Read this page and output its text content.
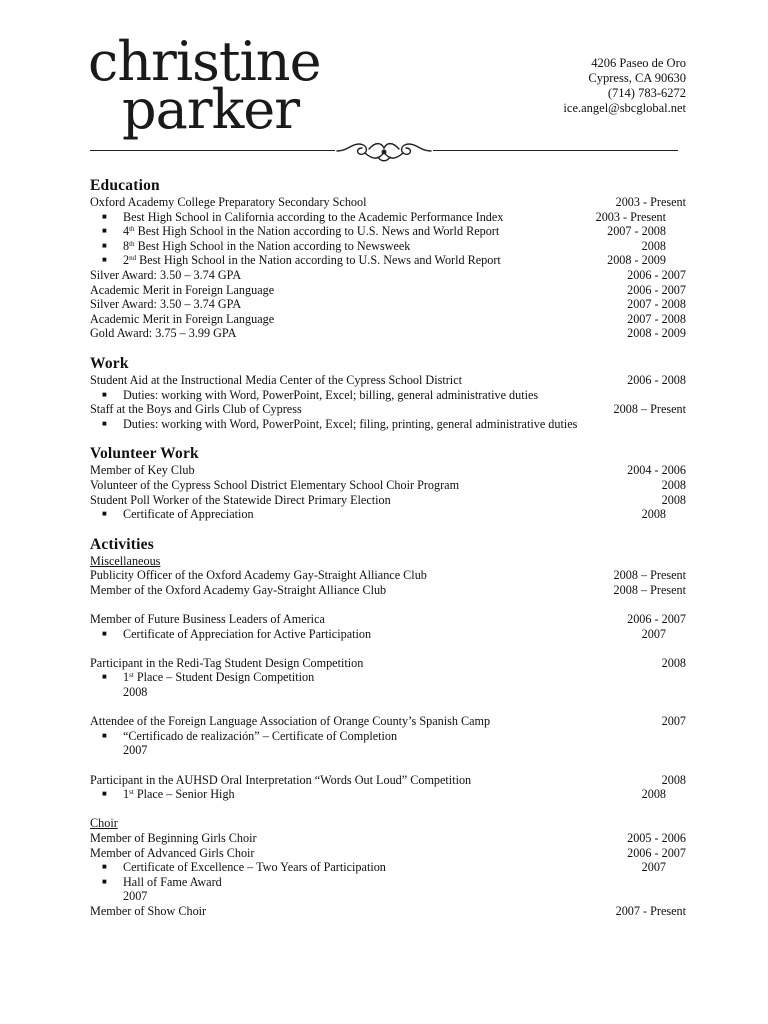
christine
parker
4206 Paseo de Oro
Cypress, CA 90630
(714) 783-6272
ice.angel@sbcglobal.net
Education
Oxford Academy College Preparatory Secondary School	2003 - Present
■ Best High School in California according to the Academic Performance Index	2003 - Present
■ 4th Best High School in the Nation according to U.S. News and World Report	2007 - 2008
■ 8th Best High School in the Nation according to Newsweek	2008
■ 2nd Best High School in the Nation according to U.S. News and World Report	2008 - 2009
Silver Award: 3.50 – 3.74 GPA	2006 - 2007
Academic Merit in Foreign Language	2006 - 2007
Silver Award: 3.50 – 3.74 GPA	2007 - 2008
Academic Merit in Foreign Language	2007 - 2008
Gold Award: 3.75 – 3.99 GPA	2008 - 2009
Work
Student Aid at the Instructional Media Center of the Cypress School District	2006 - 2008
■ Duties: working with Word, PowerPoint, Excel; billing, general administrative duties
Staff at the Boys and Girls Club of Cypress	2008 – Present
■ Duties: working with Word, PowerPoint, Excel; filing, printing, general administrative duties
Volunteer Work
Member of Key Club	2004 - 2006
Volunteer of the Cypress School District Elementary School Choir Program	2008
Student Poll Worker of the Statewide Direct Primary Election	2008
■ Certificate of Appreciation	2008
Activities
Miscellaneous
Publicity Officer of the Oxford Academy Gay-Straight Alliance Club	2008 – Present
Member of the Oxford Academy Gay-Straight Alliance Club	2008 – Present
Member of Future Business Leaders of America	2006 - 2007
■ Certificate of Appreciation for Active Participation	2007
Participant in the Redi-Tag Student Design Competition	2008
■ 1st Place – Student Design Competition
2008
Attendee of the Foreign Language Association of Orange County’s Spanish Camp	2007
■ “Certificado de realización” – Certificate of Completion
2007
Participant in the AUHSD Oral Interpretation “Words Out Loud” Competition	2008
■ 1st Place – Senior High	2008
Choir
Member of Beginning Girls Choir	2005 - 2006
Member of Advanced Girls Choir	2006 - 2007
■ Certificate of Excellence – Two Years of Participation	2007
■ Hall of Fame Award
2007
Member of Show Choir	2007 - Present
